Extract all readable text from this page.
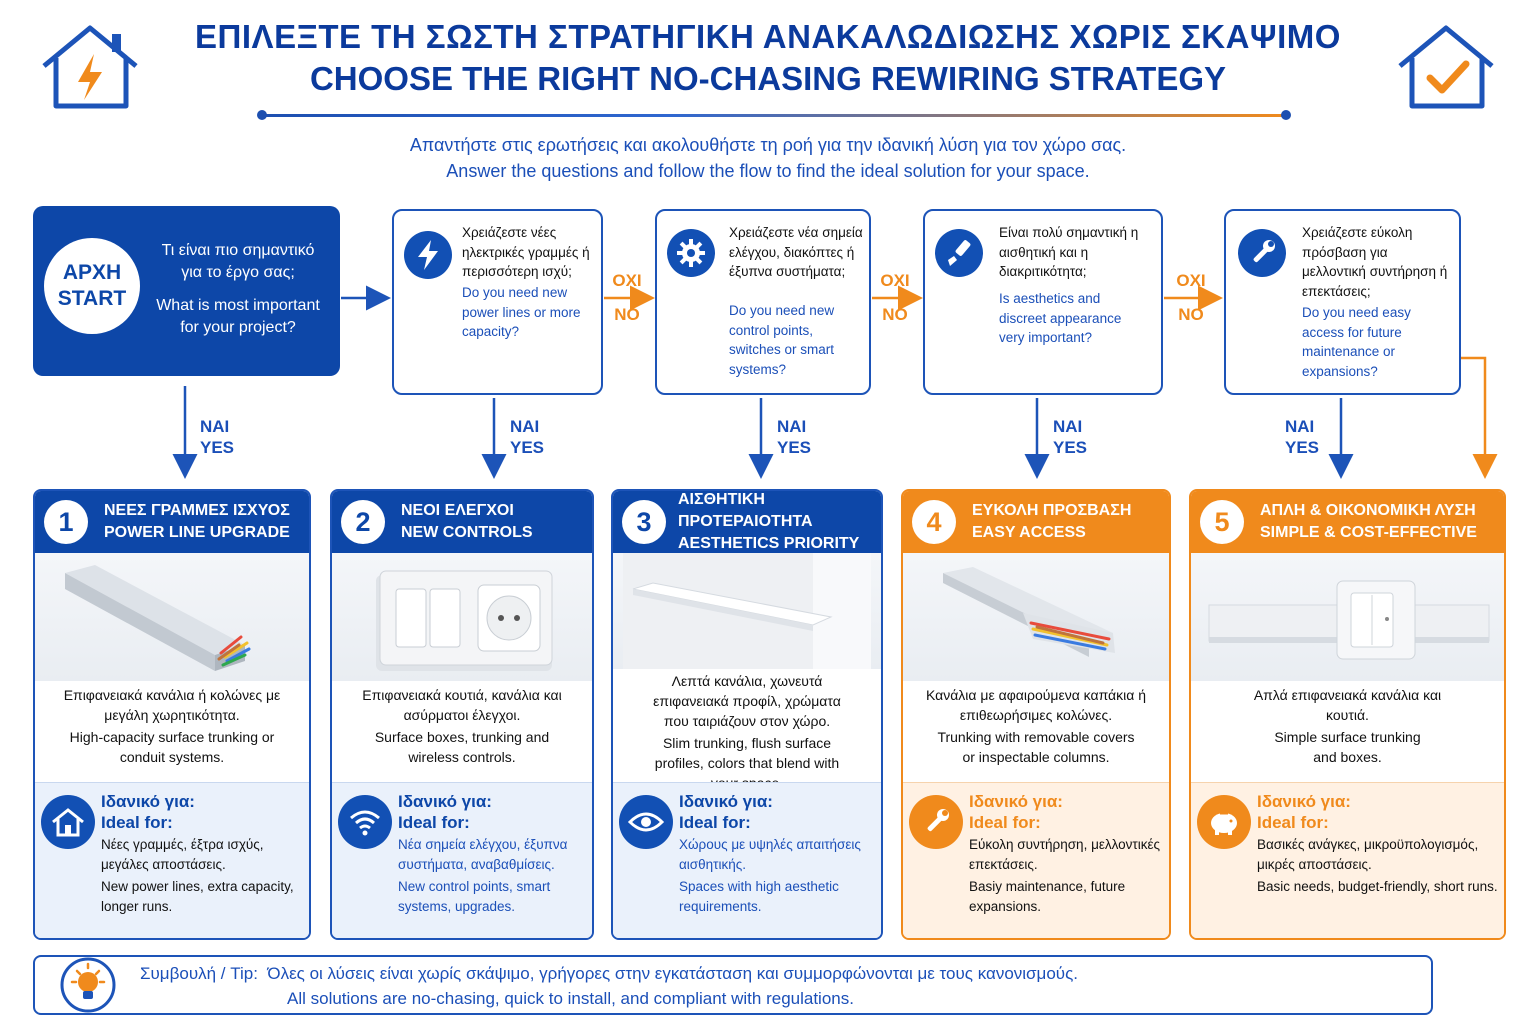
ΕΠΙΛΕΞΤΕ ΤΗ ΣΩΣΤΗ ΣΤΡΑΤΗΓΙΚΗ ΑΝΑΚΑΛΩΔΙΩΣΗΣ ΧΩΡΙΣ ΣΚΑΨΙΜΟ
CHOOSE THE RIGHT NO-CHASING REWIRING STRATEGY
Απαντήστε στις ερωτήσεις και ακολουθήστε τη ροή για την ιδανική λύση για τον χώρο σας.
Answer the questions and follow the flow to find the ideal solution for your space.
ΑΡΧΗ
START
Τι είναι πιο σημαντικό για το έργο σας;
What is most important for your project?
ΟΧΙ
NO
ΟΧΙ
NO
ΟΧΙ
NO
ΝΑΙ
YES
ΝΑΙ
YES
ΝΑΙ
YES
ΝΑΙ
YES
ΝΑΙ
YES
Χρειάζεστε νέες ηλεκτρικές γραμμές ή περισσότερη ισχύ;
Do you need new power lines or more capacity?
Χρειάζεστε νέα σημεία ελέγχου, διακόπτες ή έξυπνα συστήματα;
Do you need new control points, switches or smart systems?
Είναι πολύ σημαντική η αισθητική και η διακριτικότητα;
Is aesthetics and discreet appearance very important?
Χρειάζεστε εύκολη πρόσβαση για μελλοντική συντήρηση ή επεκτάσεις;
Do you need easy access for future maintenance or expansions?
1	ΝΕΕΣ ΓΡΑΜΜΕΣ ΙΣΧΥΟΣ
POWER LINE UPGRADE
Επιφανειακά κανάλια ή κολώνες με μεγάλη χωρητικότητα.
High-capacity surface trunking or conduit systems.
Ιδανικό για:
Ideal for:

Νέες γραμμές, έξτρα ισχύς, μεγάλες αποστάσεις.

New power lines, extra capacity, longer runs.

2	ΝΕΟΙ ΕΛΕΓΧΟΙ
NEW CONTROLS
Επιφανειακά κουτιά, κανάλια και ασύρματοι έλεγχοι.
Surface boxes, trunking and wireless controls.
Ιδανικό για:
Ideal for:

Νέα σημεία ελέγχου, έξυπνα συστήματα, αναβαθμίσεις.

New control points, smart systems, upgrades.

3
ΑΙΣΘΗΤΙΚΗ ΠΡΟΤΕΡΑΙΟΤΗΤΑ
AESTHETICS PRIORITY
Λεπτά κανάλια, χωνευτά επιφανειακά προφίλ, χρώματα που ταιριάζουν στον χώρο.
Slim trunking, flush surface profiles, colors that blend with
Ιδανικό για:
Ideal for:

Χώρους με υψηλές απαιτήσεις αισθητικής.

Spaces with high aesthetic requirements.

4	ΕΥΚΟΛΗ ΠΡΟΣΒΑΣΗ
EASY ACCESS
Κανάλια με αφαιρούμενα καπάκια ή επιθεωρήσιμες κολώνες.
Trunking with removable covers or inspectable columns.
Ιδανικό για:
Ideal for:

Εύκολη συντήρηση, μελλοντικές επεκτάσεις.

Basiy maintenance, future expansions.

5	ΑΠΛΗ & ΟΙΚΟΝΟΜΙΚΗ ΛΥΣΗ
SIMPLE & COST-EFFECTIVE
Απλά επιφανειακά κανάλια και κουτιά.
Simple surface trunking and boxes.
Ιδανικό για:
Ideal for:

Βασικές ανάγκες, μικροϋπολογισμός, μικρές αποστάσεις.

Basic needs, budget-friendly, short runs.

Συμβουλή / Tip: Όλες οι λύσεις είναι χωρίς σκάψιμο, γρήγορες στην εγκατάσταση και συμμορφώνονται με τους κανονισμούς.
All solutions are no-chasing, quick to install, and compliant with regulations.
